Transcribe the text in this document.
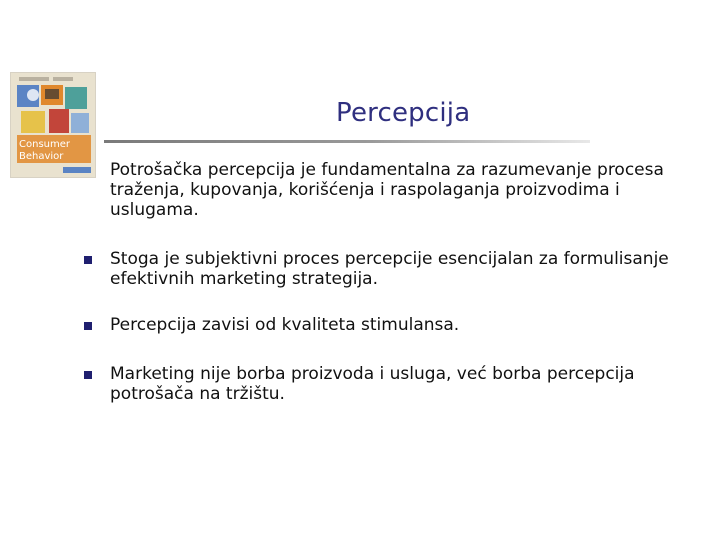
Consumer
Behavior
Percepcija
Potrošačka percepcija je fundamentalna za razumevanje procesa
traženja, kupovanja, korišćenja i raspolaganja proizvodima i
uslugama.
Stoga je subjektivni proces percepcije esencijalan za formulisanje
efektivnih marketing strategija.
Percepcija zavisi od kvaliteta stimulansa.
Marketing nije borba proizvoda i usluga, već borba percepcija
potrošača na tržištu.
